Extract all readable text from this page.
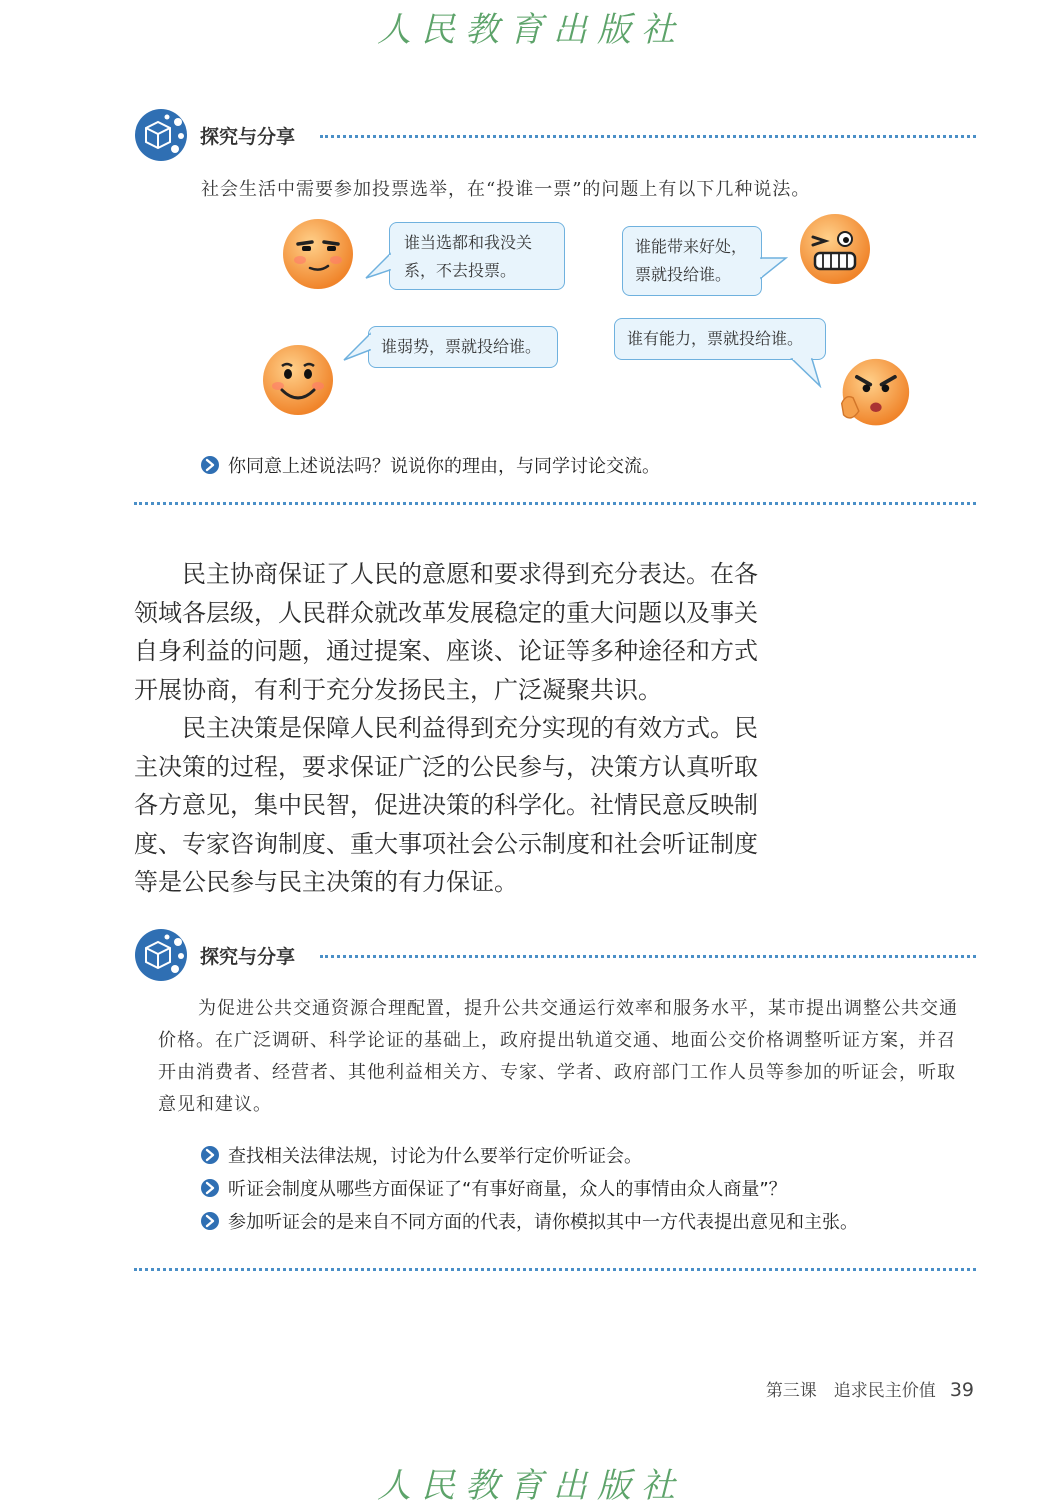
人民教育出版社
探究与分享
社会生活中需要参加投票选举，在“投谁一票”的问题上有以下几种说法。
谁当选都和我没关系，不去投票。
谁能带来好处，票就投给谁。
谁弱势，票就投给谁。	谁有能力，票就投给谁。
你同意上述说法吗？说说你的理由，与同学讨论交流。

民主协商保证了人民的意愿和要求得到充分表达。在各领域各层级，人民群众就改革发展稳定的重大问题以及事关自身利益的问题，通过提案、座谈、论证等多种途径和方式开展协商，有利于充分发扬民主，广泛凝聚共识。

民主决策是保障人民利益得到充分实现的有效方式。民主决策的过程，要求保证广泛的公民参与，决策方认真听取各方意见，集中民智，促进决策的科学化。社情民意反映制度、专家咨询制度、重大事项社会公示制度和社会听证制度等是公民参与民主决策的有力保证。

探究与分享

为促进公共交通资源合理配置，提升公共交通运行效率和服务水平，某市提出调整公共交通价格。在广泛调研、科学论证的基础上，政府提出轨道交通、地面公交价格调整听证方案，并召开由消费者、经营者、其他利益相关方、专家、学者、政府部门工作人员等参加的听证会，听取意见和建议。

查找相关法律法规，讨论为什么要举行定价听证会。
听证会制度从哪些方面保证了“有事好商量，众人的事情由众人商量”？
参加听证会的是来自不同方面的代表，请你模拟其中一方代表提出意见和主张。
第三课　追求民主价值 39
人民教育出版社
